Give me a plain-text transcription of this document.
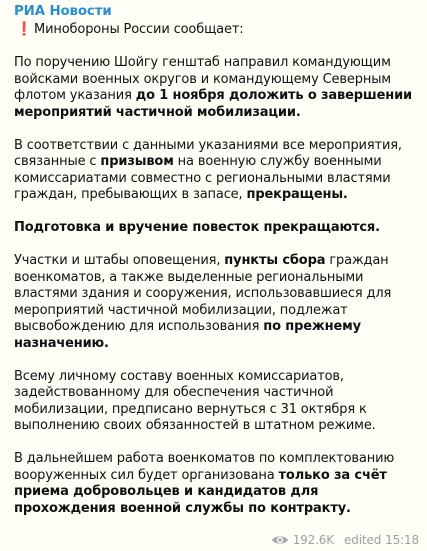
РИА Новости
❗ Минобороны России сообщает:

По поручению Шойгу генштаб направил командующим войсками военных округов и командующему Северным флотом указания до 1 ноября доложить о завершении мероприятий частичной мобилизации.

В соответствии с данными указаниями все мероприятия, связанные с призывом на военную службу военными комиссариатами совместно с региональными властями граждан, пребывающих в запасе, прекращены.

Подготовка и вручение повесток прекращаются.

Участки и штабы оповещения, пункты сбора граждан военкоматов, а также выделенные региональными властями здания и сооружения, использовавшиеся для мероприятий частичной мобилизации, подлежат высвобождению для использования по прежнему назначению.

Всему личному составу военных комиссариатов, задействованному для обеспечения частичной мобилизации, предписано вернуться с 31 октября к выполнению своих обязанностей в штатном режиме.

В дальнейшем работа военкоматов по комплектованию вооруженных сил будет организована только за счёт приема добровольцев и кандидатов для прохождения военной службы по контракту.

192.6K edited 15:18
